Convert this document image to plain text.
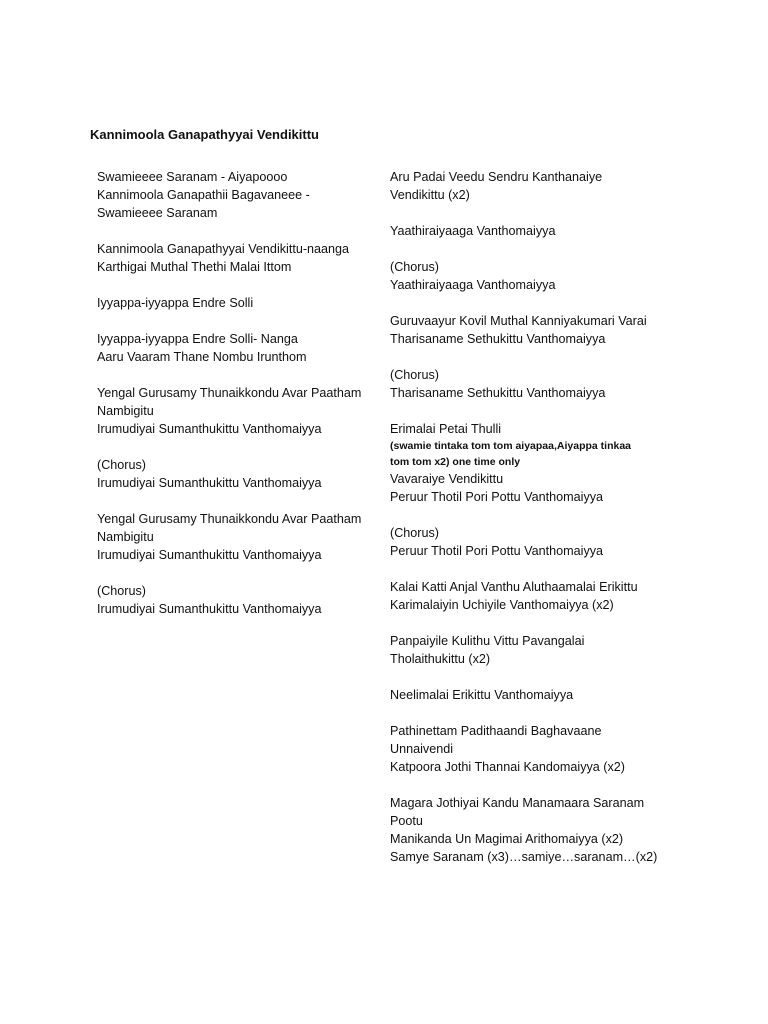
Kannimoola Ganapathyyai Vendikittu
Swamieeee Saranam - Aiyapoooo
Kannimoola Ganapathii Bagavaneee -
Swamieeee Saranam
Kannimoola Ganapathyyai Vendikittu-naanga
Karthigai Muthal Thethi Malai Ittom
Iyyappa-iyyappa Endre Solli
Iyyappa-iyyappa Endre Solli- Nanga
Aaru Vaaram Thane Nombu Irunthom
Yengal Gurusamy Thunaikkondu Avar Paatham
Nambigitu
Irumudiyai Sumanthukittu Vanthomaiyya
(Chorus)
Irumudiyai Sumanthukittu Vanthomaiyya
Yengal Gurusamy Thunaikkondu Avar Paatham
Nambigitu
Irumudiyai Sumanthukittu Vanthomaiyya
(Chorus)
Irumudiyai Sumanthukittu Vanthomaiyya
Aru Padai Veedu Sendru Kanthanaiye
Vendikittu (x2)
Yaathiraiyaaga Vanthomaiyya
(Chorus)
Yaathiraiyaaga Vanthomaiyya
Guruvaayur Kovil Muthal Kanniyakumari Varai
Tharisaname Sethukittu Vanthomaiyya
(Chorus)
Tharisaname Sethukittu Vanthomaiyya
Erimalai Petai Thulli
(swamie tintaka tom tom aiyapaa,Aiyappa tinkaa
tom tom x2) one time only
Vavaraiye Vendikittu
Peruur Thotil Pori Pottu Vanthomaiyya
(Chorus)
Peruur Thotil Pori Pottu Vanthomaiyya
Kalai Katti Anjal Vanthu Aluthaamalai Erikittu
Karimalaiyin Uchiyile Vanthomaiyya (x2)
Panpaiyile Kulithu Vittu Pavangalai
Tholaithukittu (x2)
Neelimalai Erikittu Vanthomaiyya
Pathinettam Padithaandi Baghavaane
Unnaivendi
Katpoora Jothi Thannai Kandomaiyya (x2)
Magara Jothiyai Kandu Manamaara Saranam
Pootu
Manikanda Un Magimai Arithomaiyya (x2)
Samye Saranam (x3)…samiye…saranam…(x2)
